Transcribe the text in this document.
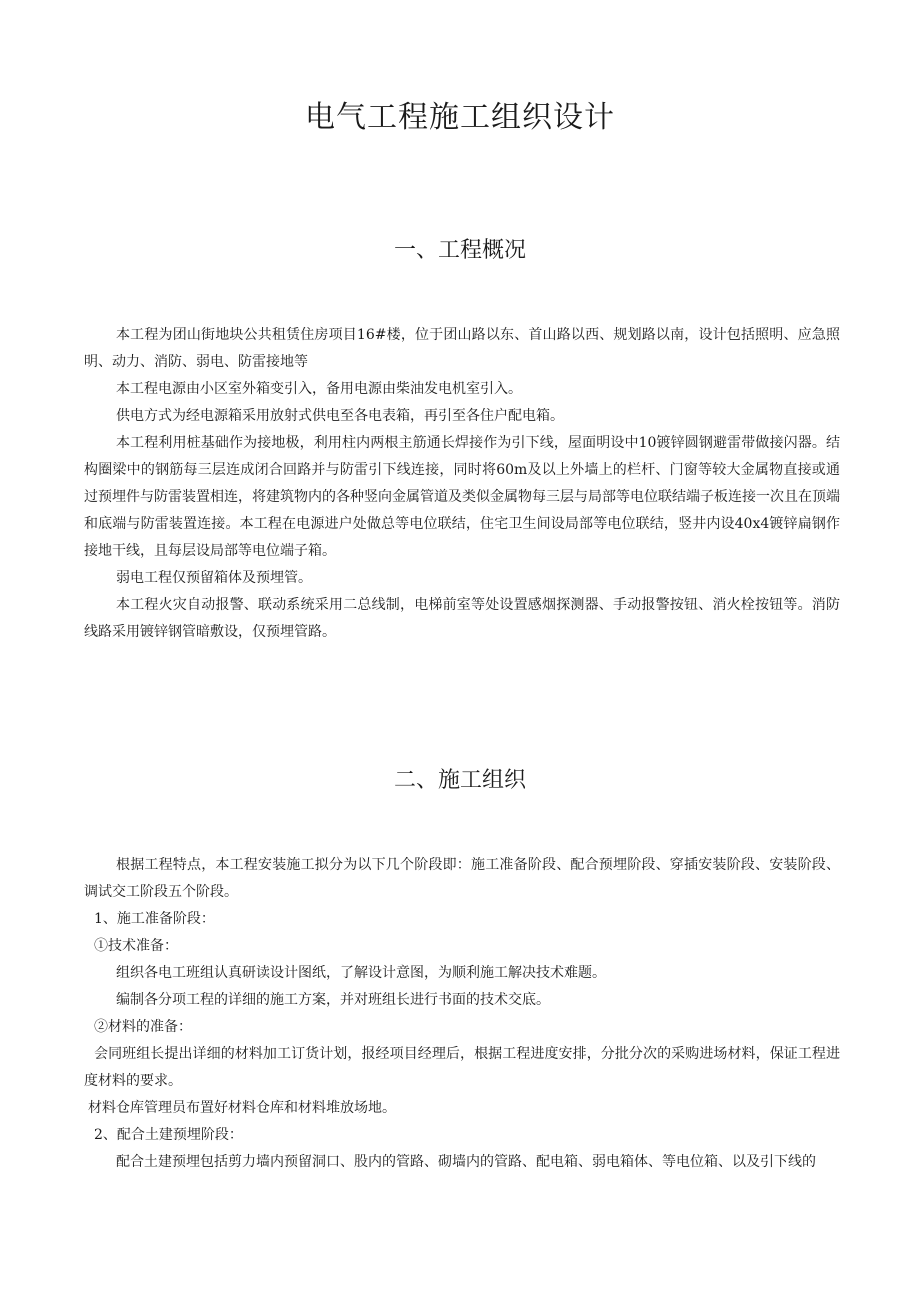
电气工程施工组织设计
一、工程概况

本工程为团山街地块公共租赁住房项目16#楼，位于团山路以东、首山路以西、规划路以南，设计包括照明、应急照明、动力、消防、弱电、防雷接地等

本工程电源由小区室外箱变引入，备用电源由柴油发电机室引入。

供电方式为经电源箱采用放射式供电至各电表箱，再引至各住户配电箱。

本工程利用桩基础作为接地极，利用柱内两根主筋通长焊接作为引下线，屋面明设中10镀锌圆钢避雷带做接闪器。结构圈梁中的钢筋每三层连成闭合回路并与防雷引下线连接，同时将60m及以上外墙上的栏杆、门窗等较大金属物直接或通过预埋件与防雷装置相连，将建筑物内的各种竖向金属管道及类似金属物每三层与局部等电位联结端子板连接一次且在顶端和底端与防雷装置连接。本工程在电源进户处做总等电位联结，住宅卫生间设局部等电位联结，竖井内设40x4镀锌扁钢作接地干线，且每层设局部等电位端子箱。

弱电工程仅预留箱体及预埋管。

本工程火灾自动报警、联动系统采用二总线制，电梯前室等处设置感烟探测器、手动报警按钮、消火栓按钮等。消防线路采用镀锌钢管暗敷设，仅预埋管路。

二、施工组织

根据工程特点，本工程安装施工拟分为以下几个阶段即：施工准备阶段、配合预埋阶段、穿插安装阶段、安装阶段、调试交工阶段五个阶段。

1、施工准备阶段：

①技术准备：

组织各电工班组认真研读设计图纸，了解设计意图，为顺利施工解决技术难题。

编制各分项工程的详细的施工方案，并对班组长进行书面的技术交底。

②材料的准备：

会同班组长提出详细的材料加工订货计划，报经项目经理后，根据工程进度安排，分批分次的采购进场材料，保证工程进度材料的要求。

材料仓库管理员布置好材料仓库和材料堆放场地。

2、配合土建预埋阶段：

配合土建预埋包括剪力墙内预留洞口、股内的管路、砌墙内的管路、配电箱、弱电箱体、等电位箱、以及引下线的
